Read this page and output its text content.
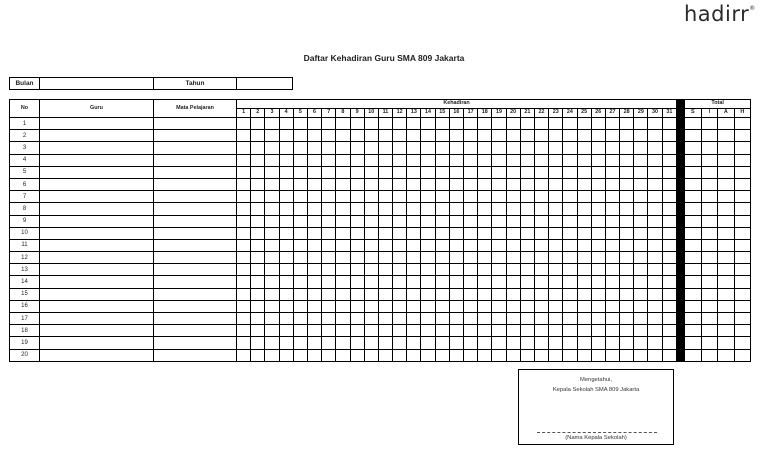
hadirr®
Daftar Kehadiran Guru SMA 809 Jakarta
Bulan		Tahun	
No	Guru	Mata Pelajaran	Kehadiran																																Total			
			1	2	3	4	5	6	7	8	9	10	11	12	13	14	15	16	17	18	19	20	21	22	23	24	25	26	27	28	29	30	31		S	I	A	H
1																																						
2																																						
3																																						
4																																						
5																																						
6																																						
7																																						
8																																						
9																																						
10																																						
11																																						
12																																						
13																																						
14																																						
15																																						
16																																						
17																																						
18																																						
19																																						
20																																						
Mengetahui,
Kepala Sekolah SMA 809 Jakarta
(Nama Kepala Sekolah)
